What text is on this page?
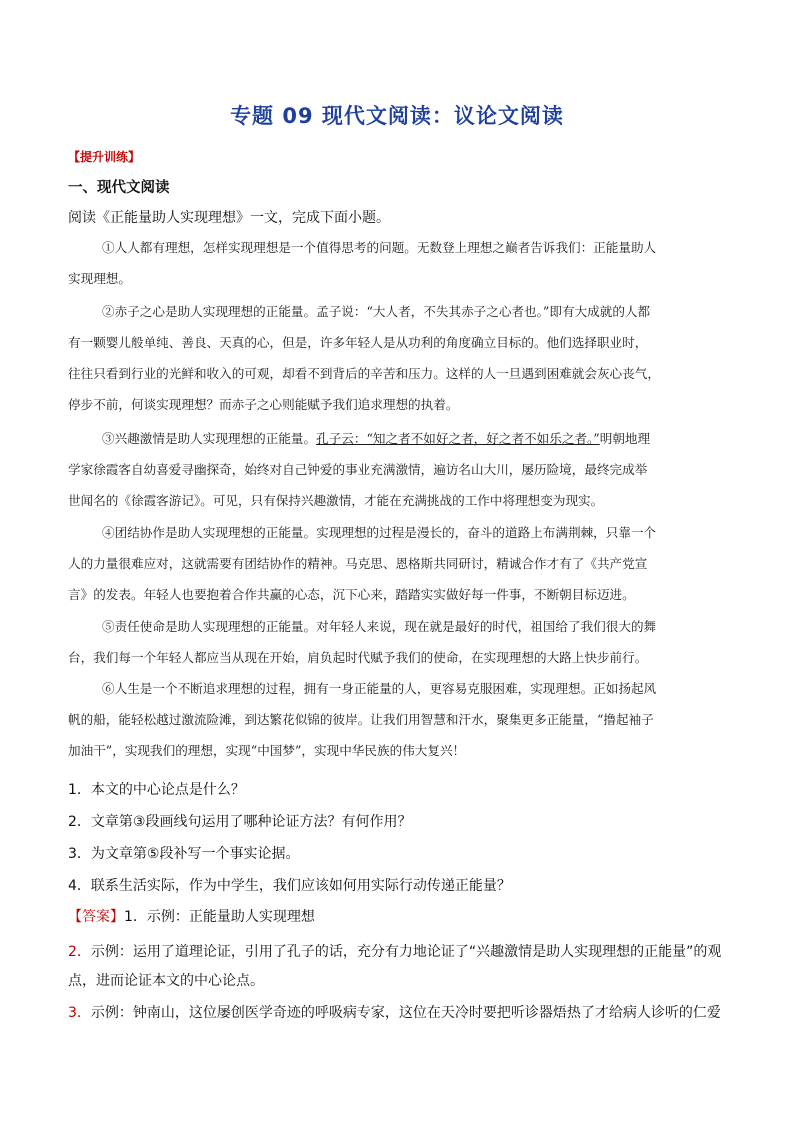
专题 09 现代文阅读：议论文阅读
【提升训练】
一、现代文阅读
阅读《正能量助人实现理想》一文，完成下面小题。
①人人都有理想，怎样实现理想是一个值得思考的问题。无数登上理想之巅者告诉我们：正能量助人
实现理想。
②赤子之心是助人实现理想的正能量。孟子说：“大人者，不失其赤子之心者也。”即有大成就的人都
有一颗婴儿般单纯、善良、天真的心，但是，许多年轻人是从功利的角度确立目标的。他们选择职业时，
往往只看到行业的光鲜和收入的可观，却看不到背后的辛苦和压力。这样的人一旦遇到困难就会灰心丧气，
停步不前，何谈实现理想？而赤子之心则能赋予我们追求理想的执着。
③兴趣激情是助人实现理想的正能量。孔子云：“知之者不如好之者，好之者不如乐之者。”明朝地理
学家徐霞客自幼喜爱寻幽探奇，始终对自己钟爱的事业充满激情，遍访名山大川，屡历险境，最终完成举
世闻名的《徐霞客游记》。可见，只有保持兴趣激情，才能在充满挑战的工作中将理想变为现实。
④团结协作是助人实现理想的正能量。实现理想的过程是漫长的，奋斗的道路上布满荆棘，只靠一个
人的力量很难应对，这就需要有团结协作的精神。马克思、恩格斯共同研讨，精诚合作才有了《共产党宣
言》的发表。年轻人也要抱着合作共赢的心态，沉下心来，踏踏实实做好每一件事，不断朝目标迈进。
⑤责任使命是助人实现理想的正能量。对年轻人来说，现在就是最好的时代，祖国给了我们很大的舞
台，我们每一个年轻人都应当从现在开始，肩负起时代赋予我们的使命，在实现理想的大路上快步前行。
⑥人生是一个不断追求理想的过程，拥有一身正能量的人，更容易克服困难，实现理想。正如扬起风
帆的船，能轻松越过激流险滩，到达繁花似锦的彼岸。让我们用智慧和汗水，聚集更多正能量，“撸起袖子
加油干”，实现我们的理想，实现“中国梦”，实现中华民族的伟大复兴！
1．本文的中心论点是什么？
2．文章第③段画线句运用了哪种论证方法？有何作用？
3．为文章第⑤段补写一个事实论据。
4．联系生活实际，作为中学生，我们应该如何用实际行动传递正能量？
【答案】1．示例：正能量助人实现理想
2．示例：运用了道理论证，引用了孔子的话，充分有力地论证了“兴趣激情是助人实现理想的正能量”的观
点，进而论证本文的中心论点。
3．示例：钟南山，这位屡创医学奇迹的呼吸病专家，这位在天冷时要把听诊器焐热了才给病人诊听的仁爱
